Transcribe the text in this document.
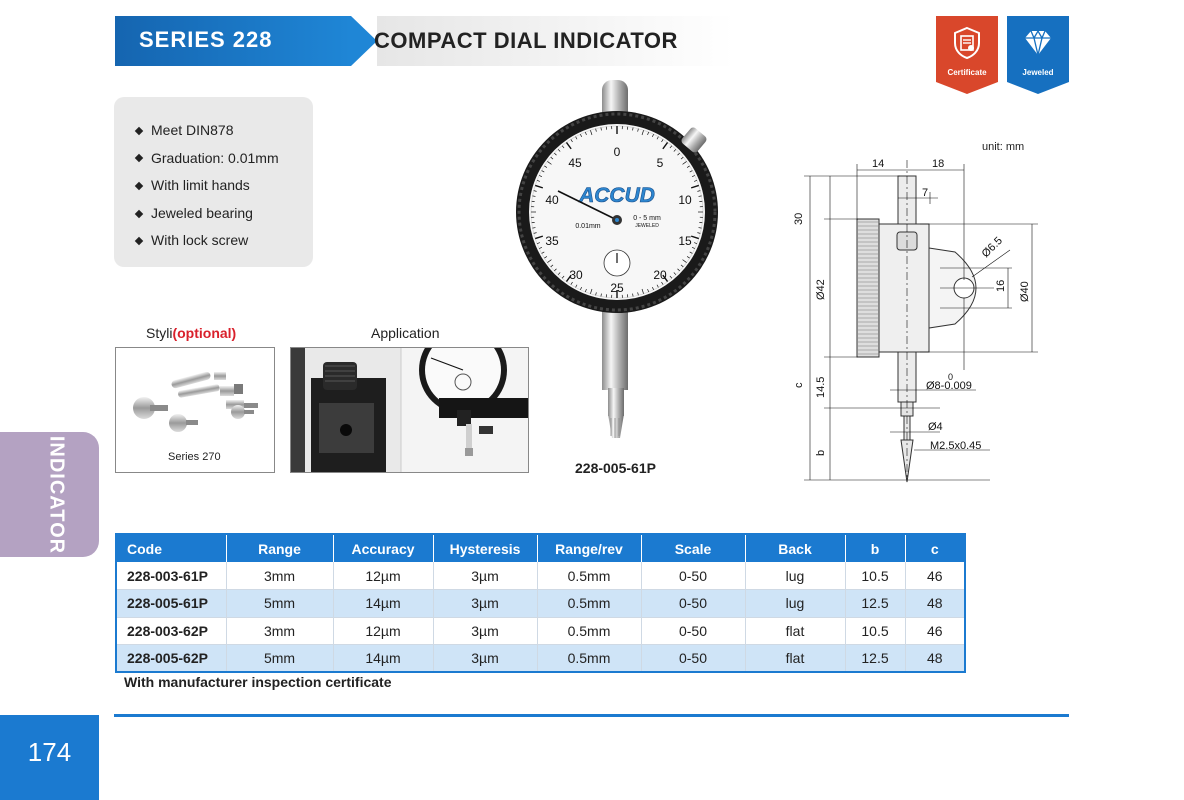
SERIES 228	COMPACT DIAL INDICATOR
Certificate	Jeweled
Meet DIN878
Graduation: 0.01mm
With limit hands
Jeweled bearing
With lock screw
Styli(optional)
Series 270
Application
0
5
10
15
20
25
30
35
40
45
ACCUD
0 - 5 mm
JEWELED
0.01mm
228-005-61P
unit: mm
14	18
7
30
Ø6.5
Ø42	16 Ø40
c 14.5	0
Ø8-0.009
Ø4
M2.5x0.45
b
INDICATOR	Code	Range	Accuracy	Hysteresis	Range/rev	Scale	Back	b	c
228-003-61P	3mm	12µm	3µm	0.5mm	0-50	lug	10.5	46
228-005-61P	5mm	14µm	3µm	0.5mm	0-50	lug	12.5	48
228-003-62P	3mm	12µm	3µm	0.5mm	0-50	flat	10.5	46
228-005-62P	5mm	14µm	3µm	0.5mm	0-50	flat	12.5	48
With manufacturer inspection certificate
174
